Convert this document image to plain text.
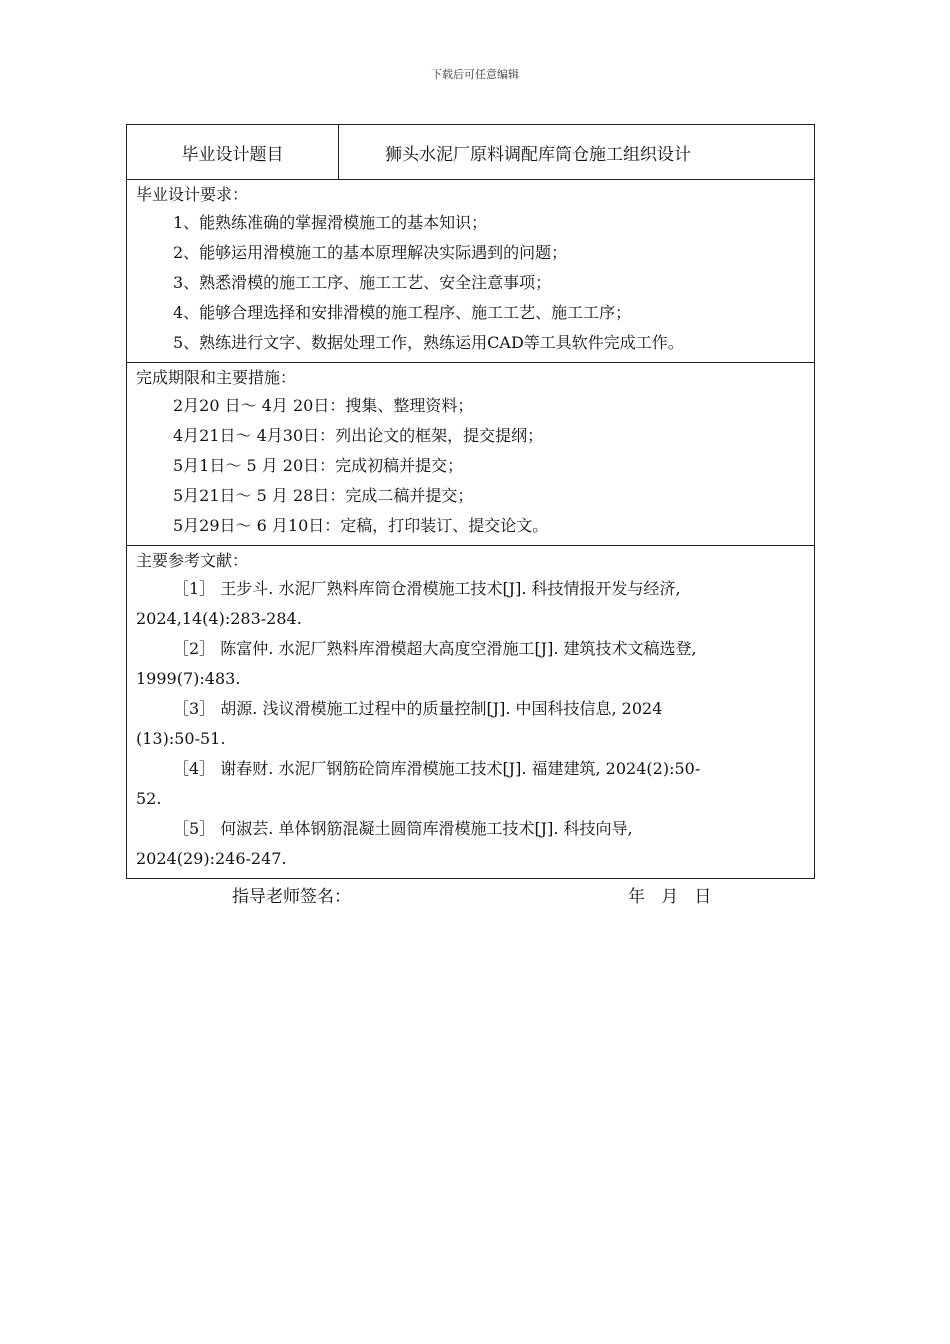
下载后可任意编辑
毕业设计题目	狮头水泥厂原料调配库筒仓施工组织设计
毕业设计要求：
1、能熟练准确的掌握滑模施工的基本知识；
2、能够运用滑模施工的基本原理解决实际遇到的问题；
3、熟悉滑模的施工工序、施工工艺、安全注意事项；
4、能够合理选择和安排滑模的施工程序、施工工艺、施工工序；
5、熟练进行文字、数据处理工作，熟练运用CAD等工具软件完成工作。
完成期限和主要措施：
2月20 日～ 4月 20日：搜集、整理资料；
4月21日～ 4月30日：列出论文的框架，提交提纲；
5月1日～ 5 月 20日：完成初稿并提交；
5月21日～ 5 月 28日：完成二稿并提交；
5月29日～ 6 月10日：定稿，打印装订、提交论文。
主要参考文献：
［1］ 王步斗. 水泥厂熟料库筒仓滑模施工技术[J]. 科技情报开发与经济,
2024,14(4):283-284.
［2］ 陈富仲. 水泥厂熟料库滑模超大高度空滑施工[J]. 建筑技术文稿选登,
1999(7):483.
［3］ 胡源. 浅议滑模施工过程中的质量控制[J]. 中国科技信息, 2024
(13):50-51.
［4］ 谢春财. 水泥厂钢筋砼筒库滑模施工技术[J]. 福建建筑, 2024(2):50-
52.
［5］ 何淑芸. 单体钢筋混凝土圆筒库滑模施工技术[J]. 科技向导,
2024(29):246-247.
指导老师签名：	年   月   日
